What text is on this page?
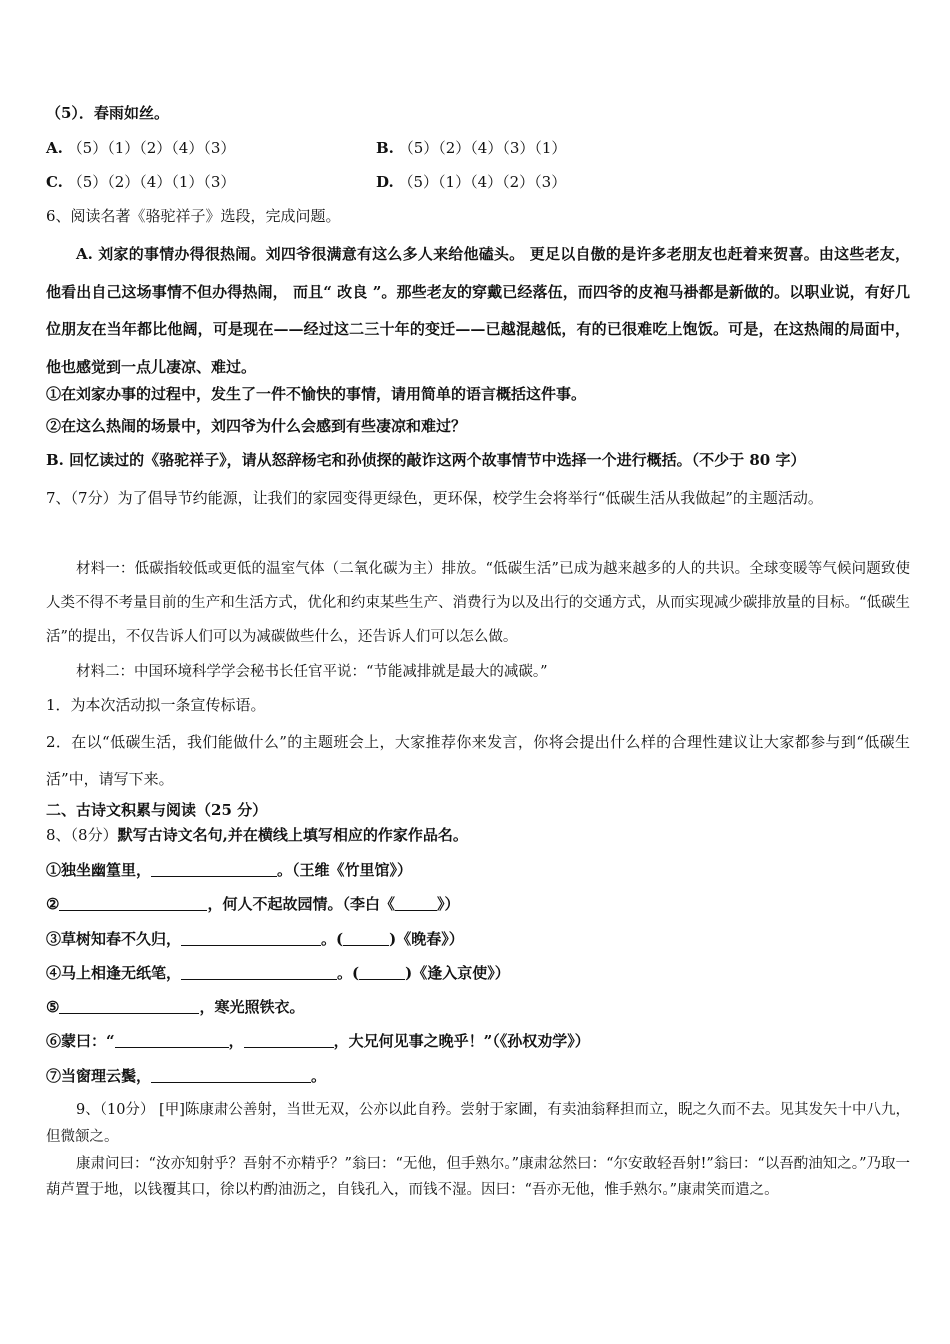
（5）．春雨如丝。
A. （5）（1）（2）（4）（3）	B. （5）（2）（4）（3）（1）
C. （5）（2）（4）（1）（3）	D. （5）（1）（4）（2）（3）
6、阅读名著《骆驼祥子》选段，完成问题。
A. 刘家的事情办得很热闹。刘四爷很满意有这么多人来给他磕头。 更足以自傲的是许多老朋友也赶着来贺喜。由这些老友，他看出自己这场事情不但办得热闹， 而且“ 改良 ”。那些老友的穿戴已经落伍，而四爷的皮袍马褂都是新做的。以职业说，有好几位朋友在当年都比他阔，可是现在——经过这二三十年的变迁——已越混越低，有的已很难吃上饱饭。可是，在这热闹的局面中，他也感觉到一点儿凄凉、难过。
①在刘家办事的过程中，发生了一件不愉快的事情，请用简单的语言概括这件事。
②在这么热闹的场景中，刘四爷为什么会感到有些凄凉和难过？
B. 回忆读过的《骆驼祥子》，请从怒辞杨宅和孙侦探的敲诈这两个故事情节中选择一个进行概括。（不少于 80 字）
7、（7分）为了倡导节约能源，让我们的家园变得更绿色，更环保，校学生会将举行“低碳生活从我做起”的主题活动。
材料一：低碳指较低或更低的温室气体（二氧化碳为主）排放。“低碳生活”已成为越来越多的人的共识。全球变暖等气候问题致使人类不得不考量目前的生产和生活方式，优化和约束某些生产、消费行为以及出行的交通方式，从而实现减少碳排放量的目标。“低碳生活”的提出，不仅告诉人们可以为减碳做些什么，还告诉人们可以怎么做。
材料二：中国环境科学学会秘书长任官平说：“节能减排就是最大的减碳。”
1．为本次活动拟一条宣传标语。
2．在以“低碳生活，我们能做什么”的主题班会上，大家推荐你来发言，你将会提出什么样的合理性建议让大家都参与到“低碳生活”中，请写下来。
二、古诗文积累与阅读（25 分）
8、（8分）默写古诗文名句,并在横线上填写相应的作家作品名。
①独坐幽篁里，	。（王维《竹里馆》）
②	，何人不起故园情。（李白《	》）
③草树知春不久归，	。(	)《晚春》）
④马上相逢无纸笔，	。(	)《逢入京使》）
⑤	，寒光照铁衣。
⑥蒙曰：“	，	，大兄何见事之晚乎！”（《孙权劝学》）
⑦当窗理云鬓，	。
9、（10分） [甲]陈康肃公善射，当世无双，公亦以此自矜。尝射于家圃，有卖油翁释担而立，睨之久而不去。见其发矢十中八九，但微颔之。
康肃问曰：“汝亦知射乎？吾射不亦精乎？”翁曰：“无他，但手熟尔。”康肃忿然曰：“尔安敢轻吾射!”翁曰：“以吾酌油知之。”乃取一葫芦置于地，以钱覆其口，徐以杓酌油沥之，自钱孔入，而钱不湿。因曰：“吾亦无他，惟手熟尔。”康肃笑而遣之。
